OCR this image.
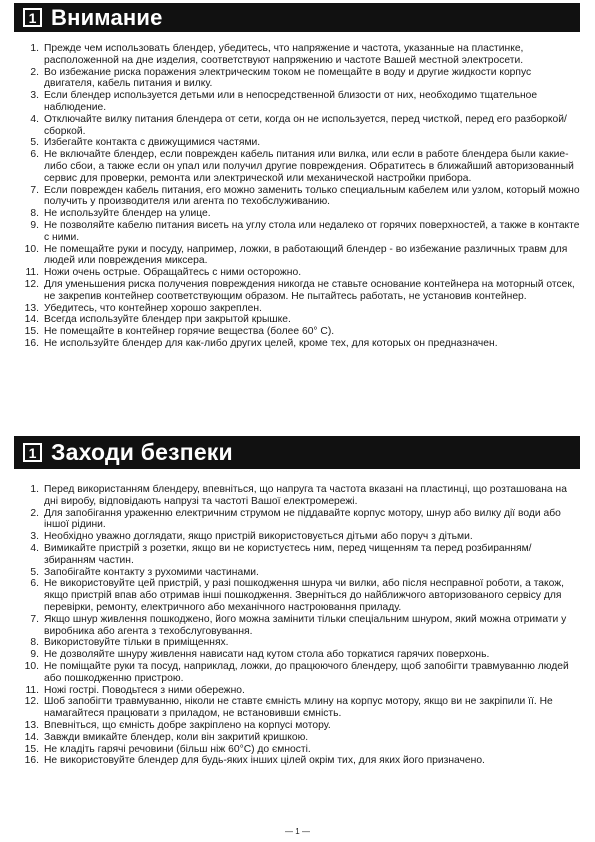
1 Внимание
1. Прежде чем использовать блендер, убедитесь, что напряжение и частота, указанные на пластинке, расположенной на дне изделия, соответствуют напряжению и частоте Вашей местной электросети.
2. Во избежание риска поражения электрическим током не помещайте в воду и другие жидкости корпус двигателя, кабель питания и вилку.
3. Если блендер используется детьми или в непосредственной близости от них, необходимо тщательное наблюдение.
4. Отключайте вилку питания блендера от сети, когда он не используется, перед чисткой, перед его разборкой/сборкой.
5. Избегайте контакта с движущимися частями.
6. Не включайте блендер, если поврежден кабель питания или вилка, или если в работе блендера были какие-либо сбои, а также если он упал или получил другие повреждения. Обратитесь в ближайший авторизованный сервис для проверки, ремонта или электрической или механической настройки прибора.
7. Если поврежден кабель питания, его можно заменить только специальным кабелем или узлом, который можно получить у производителя или агента по техобслуживанию.
8. Не используйте блендер на улице.
9. Не позволяйте кабелю питания висеть на углу стола или недалеко от горячих поверхностей, а также в контакте с ними.
10. Не помещайте руки и посуду, например, ложки, в работающий блендер - во избежание различных травм для людей или повреждения миксера.
11. Ножи очень острые. Обращайтесь с ними осторожно.
12. Для уменьшения риска получения повреждения никогда не ставьте основание контейнера на моторный отсек, не закрепив контейнер соответствующим образом. Не пытайтесь работать, не установив контейнер.
13. Убедитесь, что контейнер хорошо закреплен.
14. Всегда используйте блендер при закрытой крышке.
15. Не помещайте в контейнер горячие вещества (более 60° C).
16. Не используйте блендер для как-либо других целей, кроме тех, для которых он предназначен.
1 Заходи безпеки
1. Перед використанням блендеру, впевніться, що напруга та частота вказані на пластинці, що розташована на дні виробу, відповідають напрузі та частоті Вашої електромережі.
2. Для запобігання ураженню електричним струмом не піддавайте корпус мотору, шнур або вилку дії води або іншої рідини.
3. Необхідно уважно доглядати, якщо пристрій використовується дітьми або поруч з дітьми.
4. Вимикайте пристрій з розетки, якщо ви не користуєтесь ним, перед чищенням та перед розбиранням/збиранням частин.
5. Запобігайте контакту з рухомими частинами.
6. Не використовуйте цей пристрій, у разі пошкодження шнура чи вилки, або після несправної роботи, а також, якщо пристрій впав або отримав інші пошкодження. Зверніться до найближчого авторизованого сервісу для перевірки, ремонту, електричного або механічного настроювання приладу.
7. Якщо шнур живлення пошкоджено, його можна замінити тільки спеціальним шнуром, який можна отримати у виробника або агента з техобслуговування.
8. Використовуйте тільки в приміщеннях.
9. Не дозволяйте шнуру живлення нависати над кутом стола або торкатися гарячих поверхонь.
10. Не поміщайте руки та посуд, наприклад, ложки, до працюючого блендеру, щоб запобігти травмуванню людей або пошкодженню пристрою.
11. Ножі гострі. Поводьтеся з ними обережно.
12. Шоб запобігти травмуванню, ніколи не ставте ємність млину на корпус мотору, якщо ви не закріпили її. Не намагайтеся працювати з приладом, не встановивши ємність.
13. Впевніться, що ємність добре закріплено на корпусі мотору.
14. Завжди вмикайте блендер, коли він закритий кришкою.
15. Не кладіть гарячі речовини (більш ніж 60°C) до ємності.
16. Не використовуйте блендер для будь-яких інших цілей окрім тих, для яких його призначено.
— 1 —
